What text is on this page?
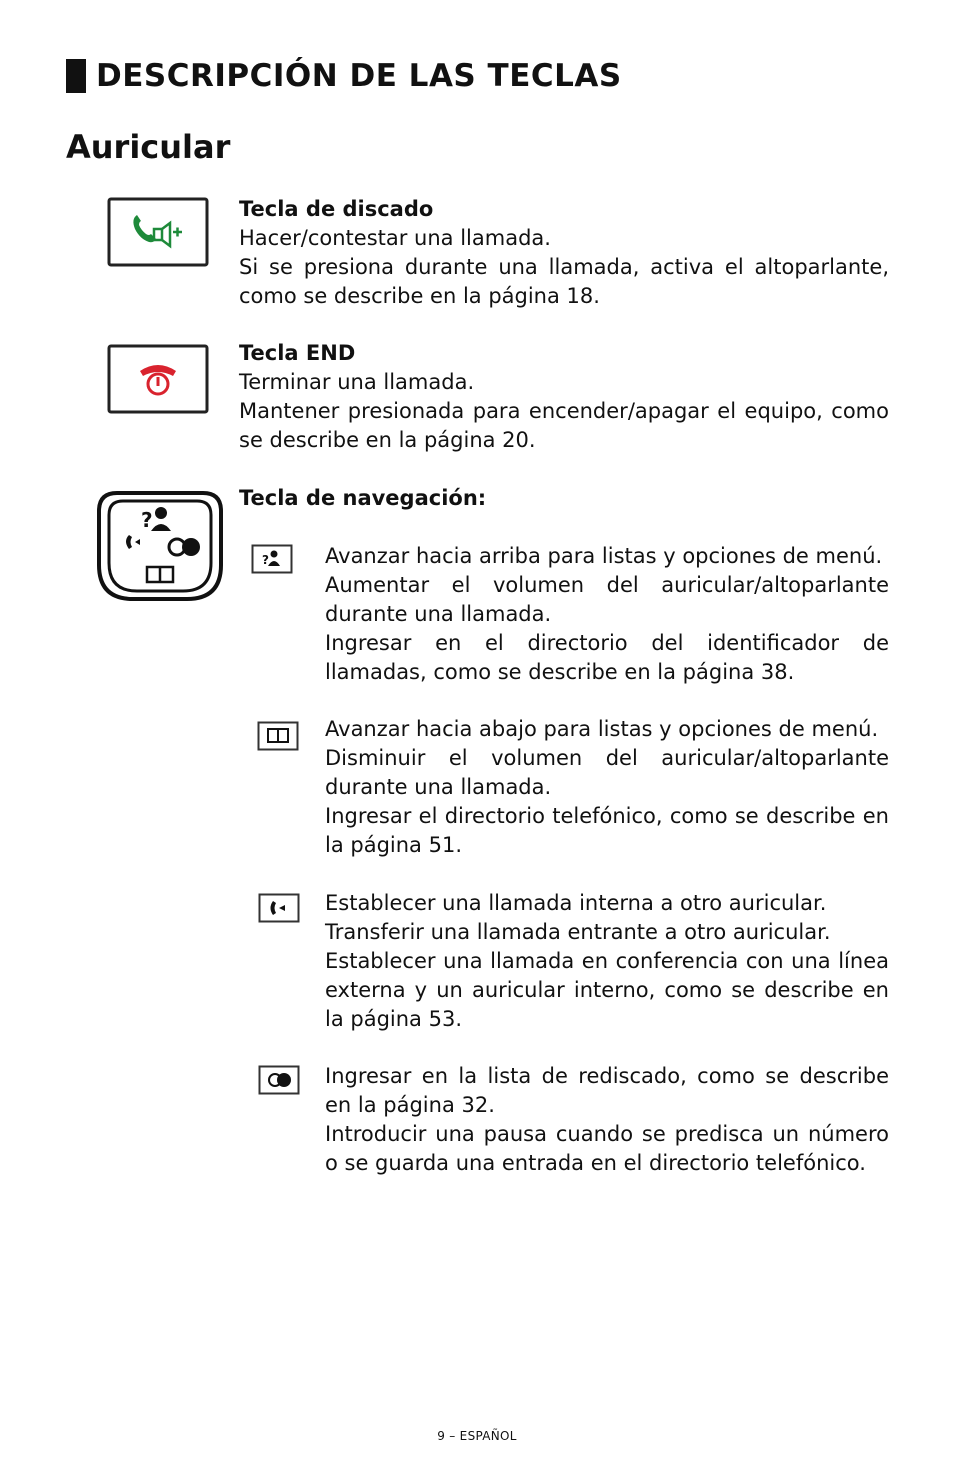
DESCRIPCIÓN DE LAS TECLAS
Auricular
Tecla de discado
Hacer/contestar una llamada.
Si se presiona durante una llamada, activa el altoparlante, como se describe en la página 18.
Tecla END
Terminar una llamada.
Mantener presionada para encender/apagar el equipo, como se describe en la página 20.
?
Tecla de navegación:
?	Avanzar hacia arriba para listas y opciones de menú.
Aumentar el volumen del auricular/altoparlante durante una llamada.
Ingresar en el directorio del identificador de llamadas, como se describe en la página 38.
Avanzar hacia abajo para listas y opciones de menú.
Disminuir el volumen del auricular/altoparlante durante una llamada.
Ingresar el directorio telefónico, como se describe en la página 51.
Establecer una llamada interna a otro auricular.
Transferir una llamada entrante a otro auricular.
Establecer una llamada en conferencia con una línea externa y un auricular interno, como se describe en la página 53.
Ingresar en la lista de rediscado, como se describe en la página 32.
Introducir una pausa cuando se predisca un número o se guarda una entrada en el directorio telefónico.
9 – ESPAÑOL
